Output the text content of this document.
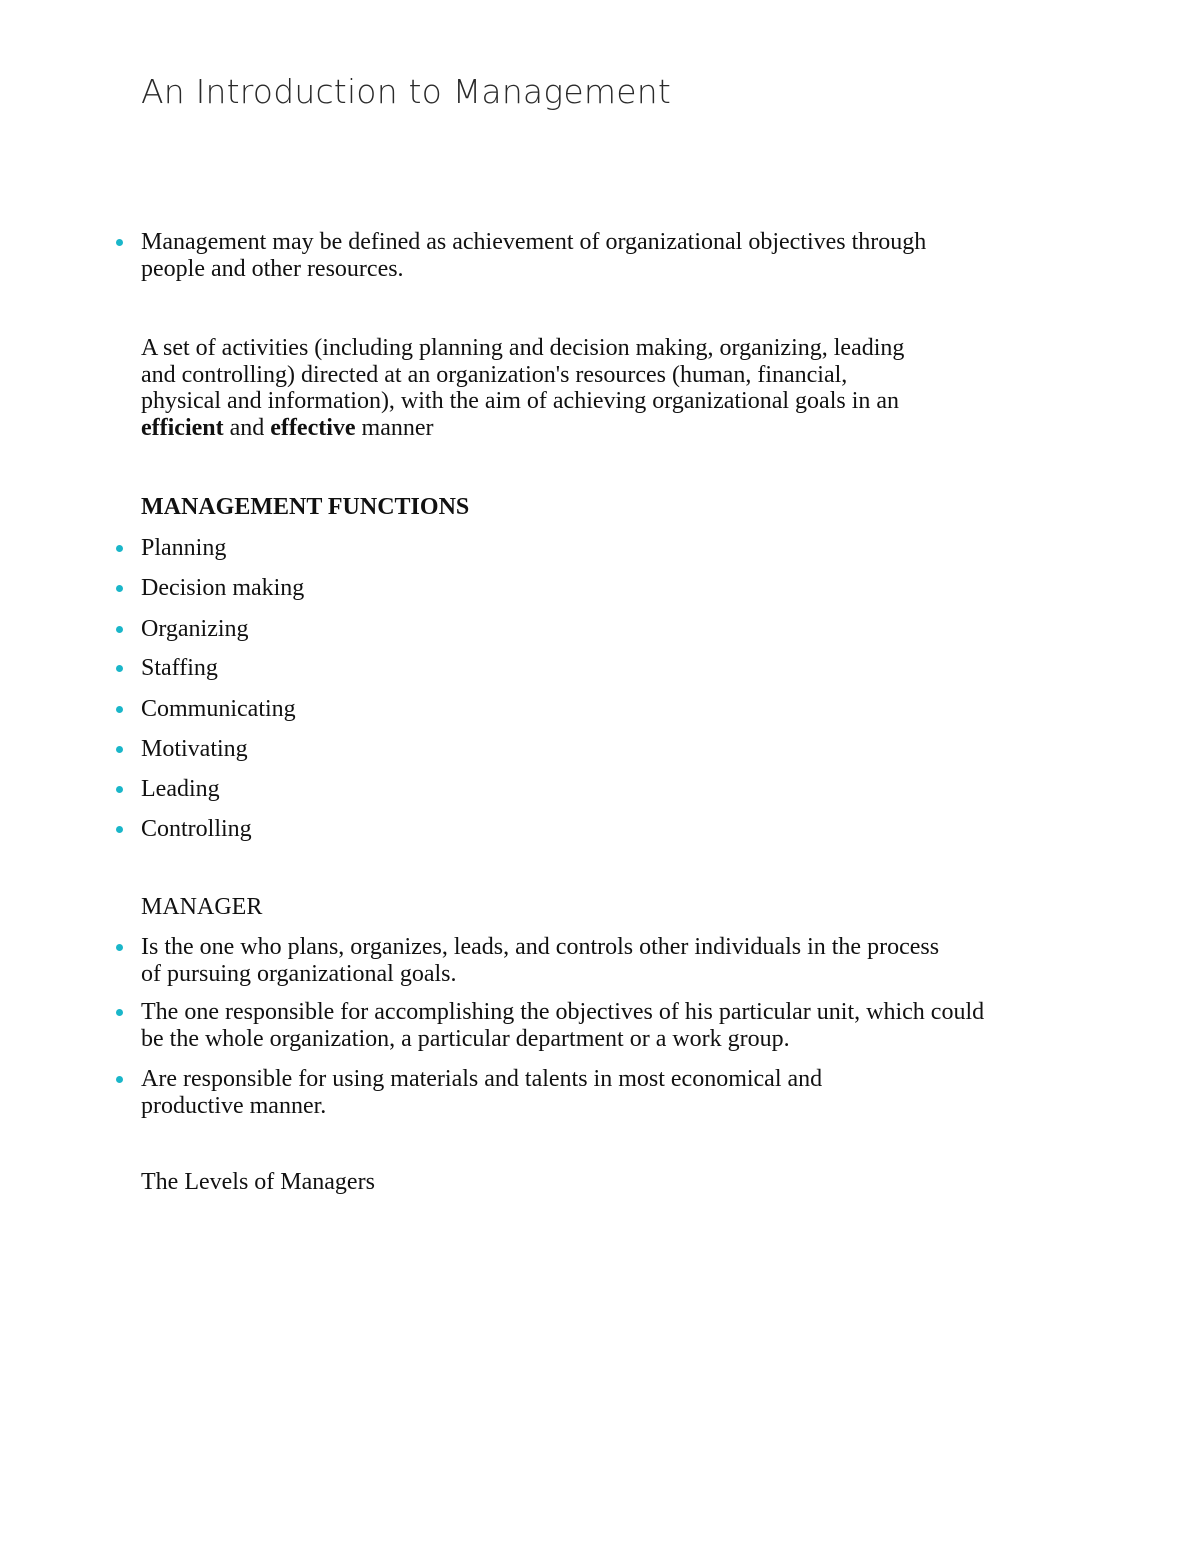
An Introduction to Management

Management may be defined as achievement of organizational objectives through people and other resources.

A set of activities (including planning and decision making, organizing, leading

and controlling) directed at an organization's resources (human, financial,

physical and information), with the aim of achieving organizational goals in an

efficient and effective manner

MANAGEMENT FUNCTIONS

Planning

Decision making

Organizing

Staffing

Communicating

Motivating

Leading

Controlling

MANAGER

Is the one who plans, organizes, leads, and controls other individuals in the process of pursuing organizational goals.

The one responsible for accomplishing the objectives of his particular unit, which could be the whole organization, a particular department or a work group.

Are responsible for using materials and talents in most economical and productive manner.

The Levels of Managers
